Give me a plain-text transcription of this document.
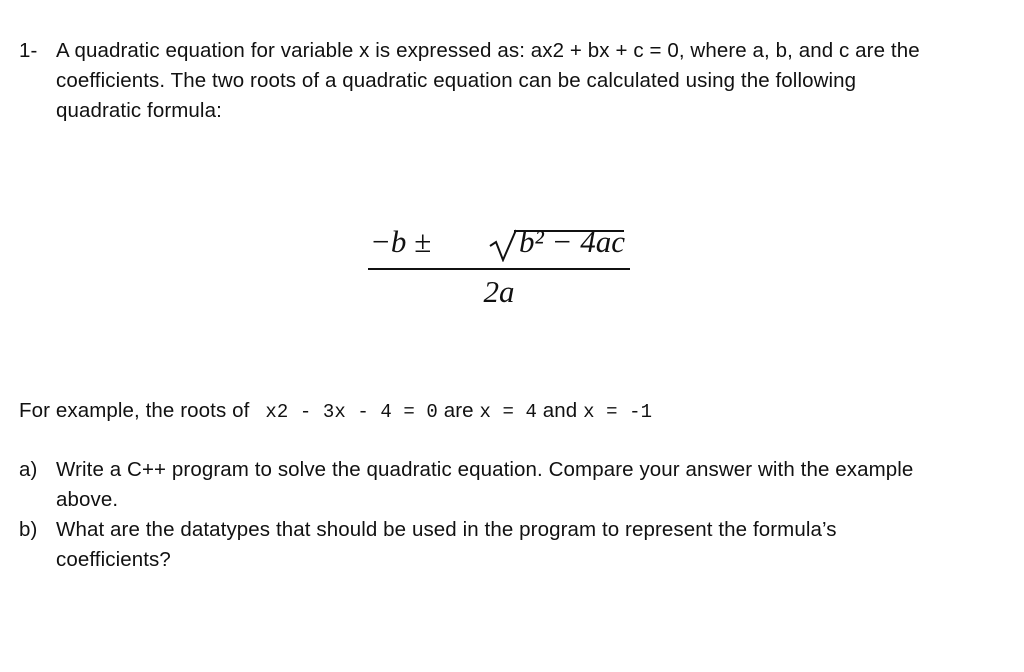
1- A quadratic equation for variable x is expressed as: ax2 + bx + c = 0, where a, b, and c are the
coefficients. The two roots of a quadratic equation can be calculated using the following
quadratic formula:
−b ±	b² − 4ac
2a
For example, the roots of x2 - 3x - 4 = 0 are x = 4 and x = -1
a) Write a C++ program to solve the quadratic equation. Compare your answer with the example
above.
b) What are the datatypes that should be used in the program to represent the formula’s
coefficients?
